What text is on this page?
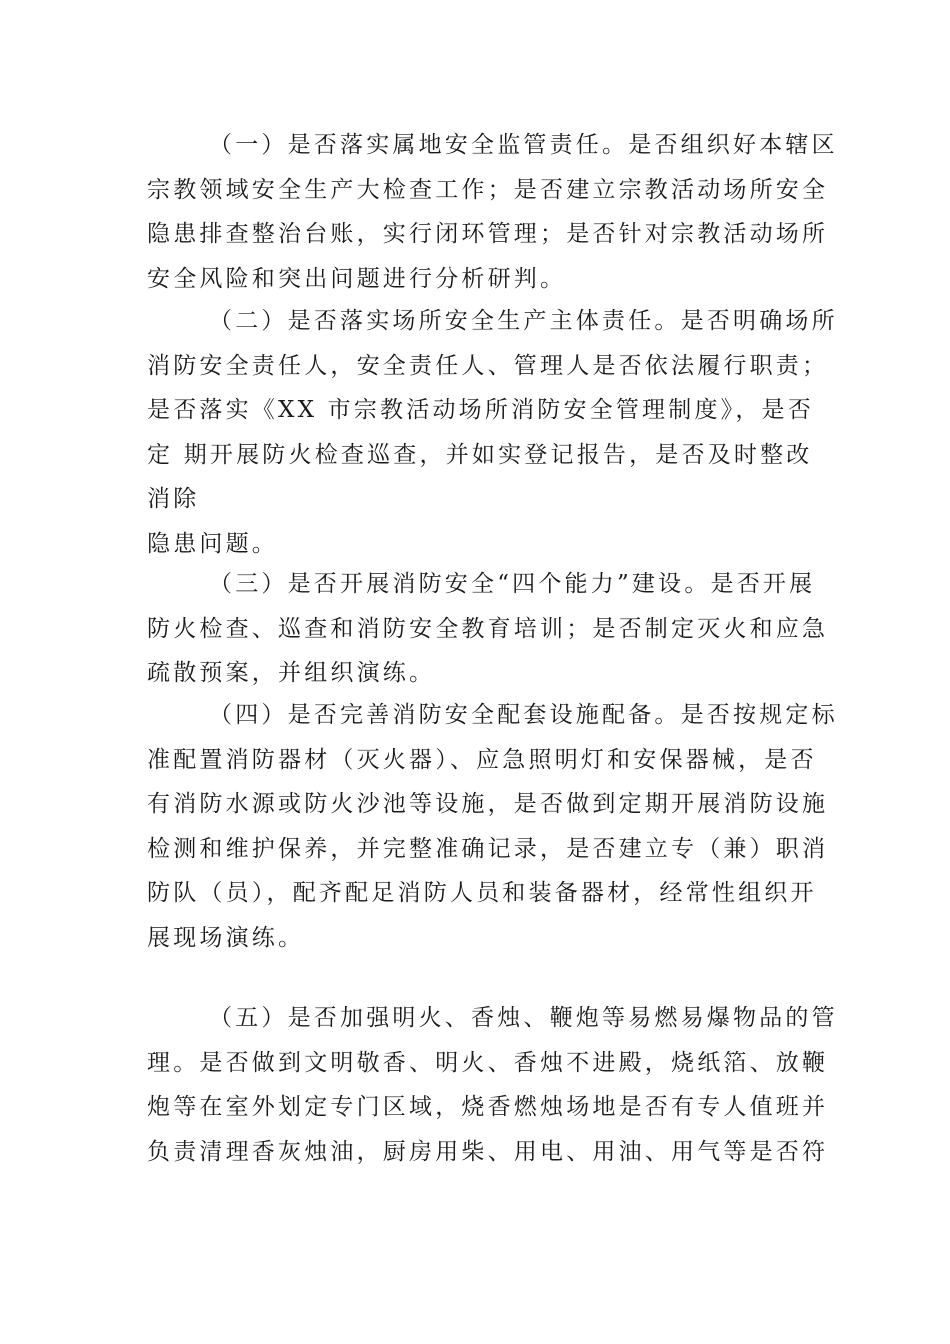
（一）是否落实属地安全监管责任。是否组织好本辖区
宗教领域安全生产大检查工作；是否建立宗教活动场所安全
隐患排查整治台账，实行闭环管理；是否针对宗教活动场所
安全风险和突出问题进行分析研判。
（二）是否落实场所安全生产主体责任。是否明确场所
消防安全责任人，安全责任人、管理人是否依法履行职责；
是否落实《XX 市宗教活动场所消防安全管理制度》，是否
定 期开展防火检查巡查，并如实登记报告，是否及时整改
消除
隐患问题。
（三）是否开展消防安全“四个能力”建设。是否开展
防火检查、巡查和消防安全教育培训；是否制定灭火和应急
疏散预案，并组织演练。
（四）是否完善消防安全配套设施配备。是否按规定标
准配置消防器材（灭火器）、应急照明灯和安保器械，是否
有消防水源或防火沙池等设施，是否做到定期开展消防设施
检测和维护保养，并完整准确记录，是否建立专（兼）职消
防队（员），配齐配足消防人员和装备器材，经常性组织开
展现场演练。
（五）是否加强明火、香烛、鞭炮等易燃易爆物品的管
理。是否做到文明敬香、明火、香烛不进殿，烧纸箔、放鞭
炮等在室外划定专门区域，烧香燃烛场地是否有专人值班并
负责清理香灰烛油，厨房用柴、用电、用油、用气等是否符
